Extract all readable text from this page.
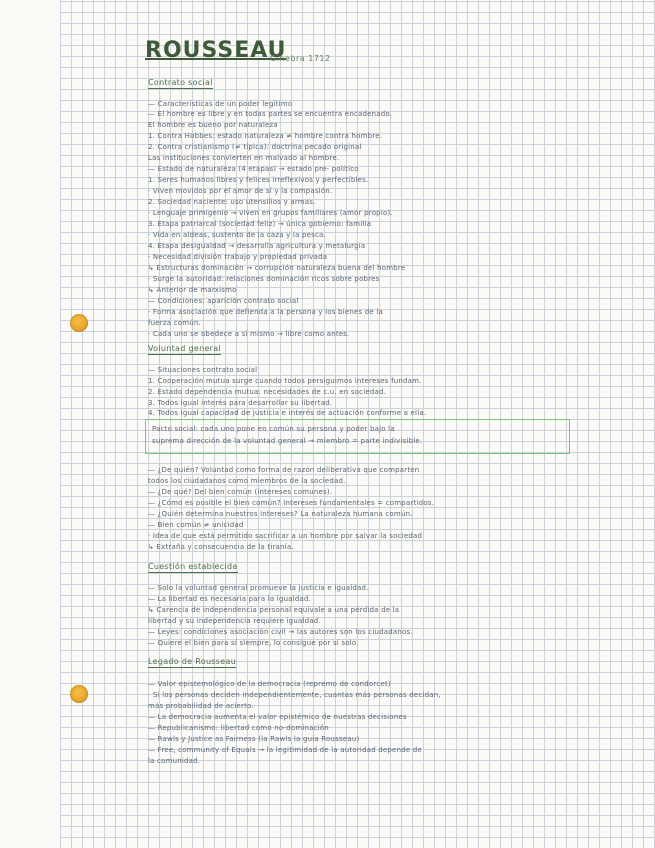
ROUSSEAU
Ginebra 1712
Contrato social
— Características de un poder legítimo
— El hombre es libre y en todas partes se encuentra encadenado.
El hombre es bueno por naturaleza
1. Contra Hobbes: estado naturaleza ≠ hombre contra hombre.
2. Contra cristianismo (≠ típica): doctrina pecado original
Las instituciones convierten en malvado al hombre.
— Estado de naturaleza (4 etapas) → estado pre- político
1. Seres humanos libres y felices irreflexivos y perfectibles.
· Viven movidos por el amor de sí y la compasión.
2. Sociedad naciente: uso utensilios y armas.
· Lenguaje primigenio → viven en grupos familiares (amor propio).
3. Etapa patriarcal (sociedad feliz) → única gobierno: familia
· Vida en aldeas, sustento de la caza y la pesca.
4. Etapa desigualdad → desarrolla agricultura y metalurgia
· Necesidad división trabajo y propiedad privada
↳ Estructuras dominación → corrupción naturaleza buena del hombre
· Surge la autoridad: relaciones dominación ricos sobre pobres
↳ Anterior de marxismo
— Condiciones: aparición contrato social
· Forma asociación que defienda a la persona y los bienes de la
fuerza común.
· Cada uno se obedece a sí mismo → libre como antes.
Voluntad general
— Situaciones contrato social
1. Cooperación mutua surge cuando todos persiguimos intereses fundam.
2. Estado dependencia mutua: necesidades de c.u. en sociedad.
3. Todos igual interés para desarrollar su libertad.
4. Todos igual capacidad de justicia e interés de actuación conforme a ella.
Pacto social: cada uno pone en común su persona y poder bajo la
suprema dirección de la voluntad general → miembro = parte indivisible.
— ¿De quién? Voluntad como forma de razón deliberativa que comparten
todos los ciudadanos como miembros de la sociedad.
— ¿De qué? Del bien común (intereses comunes).
— ¿Cómo es posible el bien común? Intereses fundamentales = compartidos.
— ¿Quién determina nuestros intereses? La naturaleza humana común.
— Bien común ≠ unicidad
· Idea de que está permitido sacrificar a un hombre por salvar la sociedad
↳ Extraña y consecuencia de la tiranía.
Cuestión establecida
— Solo la voluntad general promueve la justicia e igualdad.
— La libertad es necesaria para la igualdad.
↳ Carencia de independencia personal equivale a una pérdida de la
libertad y su independencia requiere igualdad.
— Leyes: condiciones asociación civil → las autores son los ciudadanos.
— Quiere el bien para sí siempre, lo consigue por sí solo.
Legado de Rousseau
— Valor epistemológico de la democracia (repremo de condorcet)
· Si los personas deciden independientemente, cuantas más personas decidan,
más probabilidad de acierto.
— La democracia aumenta el valor epistémico de nuestras decisiones
— Republicanismo: libertad como no-dominación
— Rawls y Justice as Fairness (la Rawls la guía Rousseau)
— Free, community of Equals → la legitimidad de la autoridad depende de
la comunidad.
